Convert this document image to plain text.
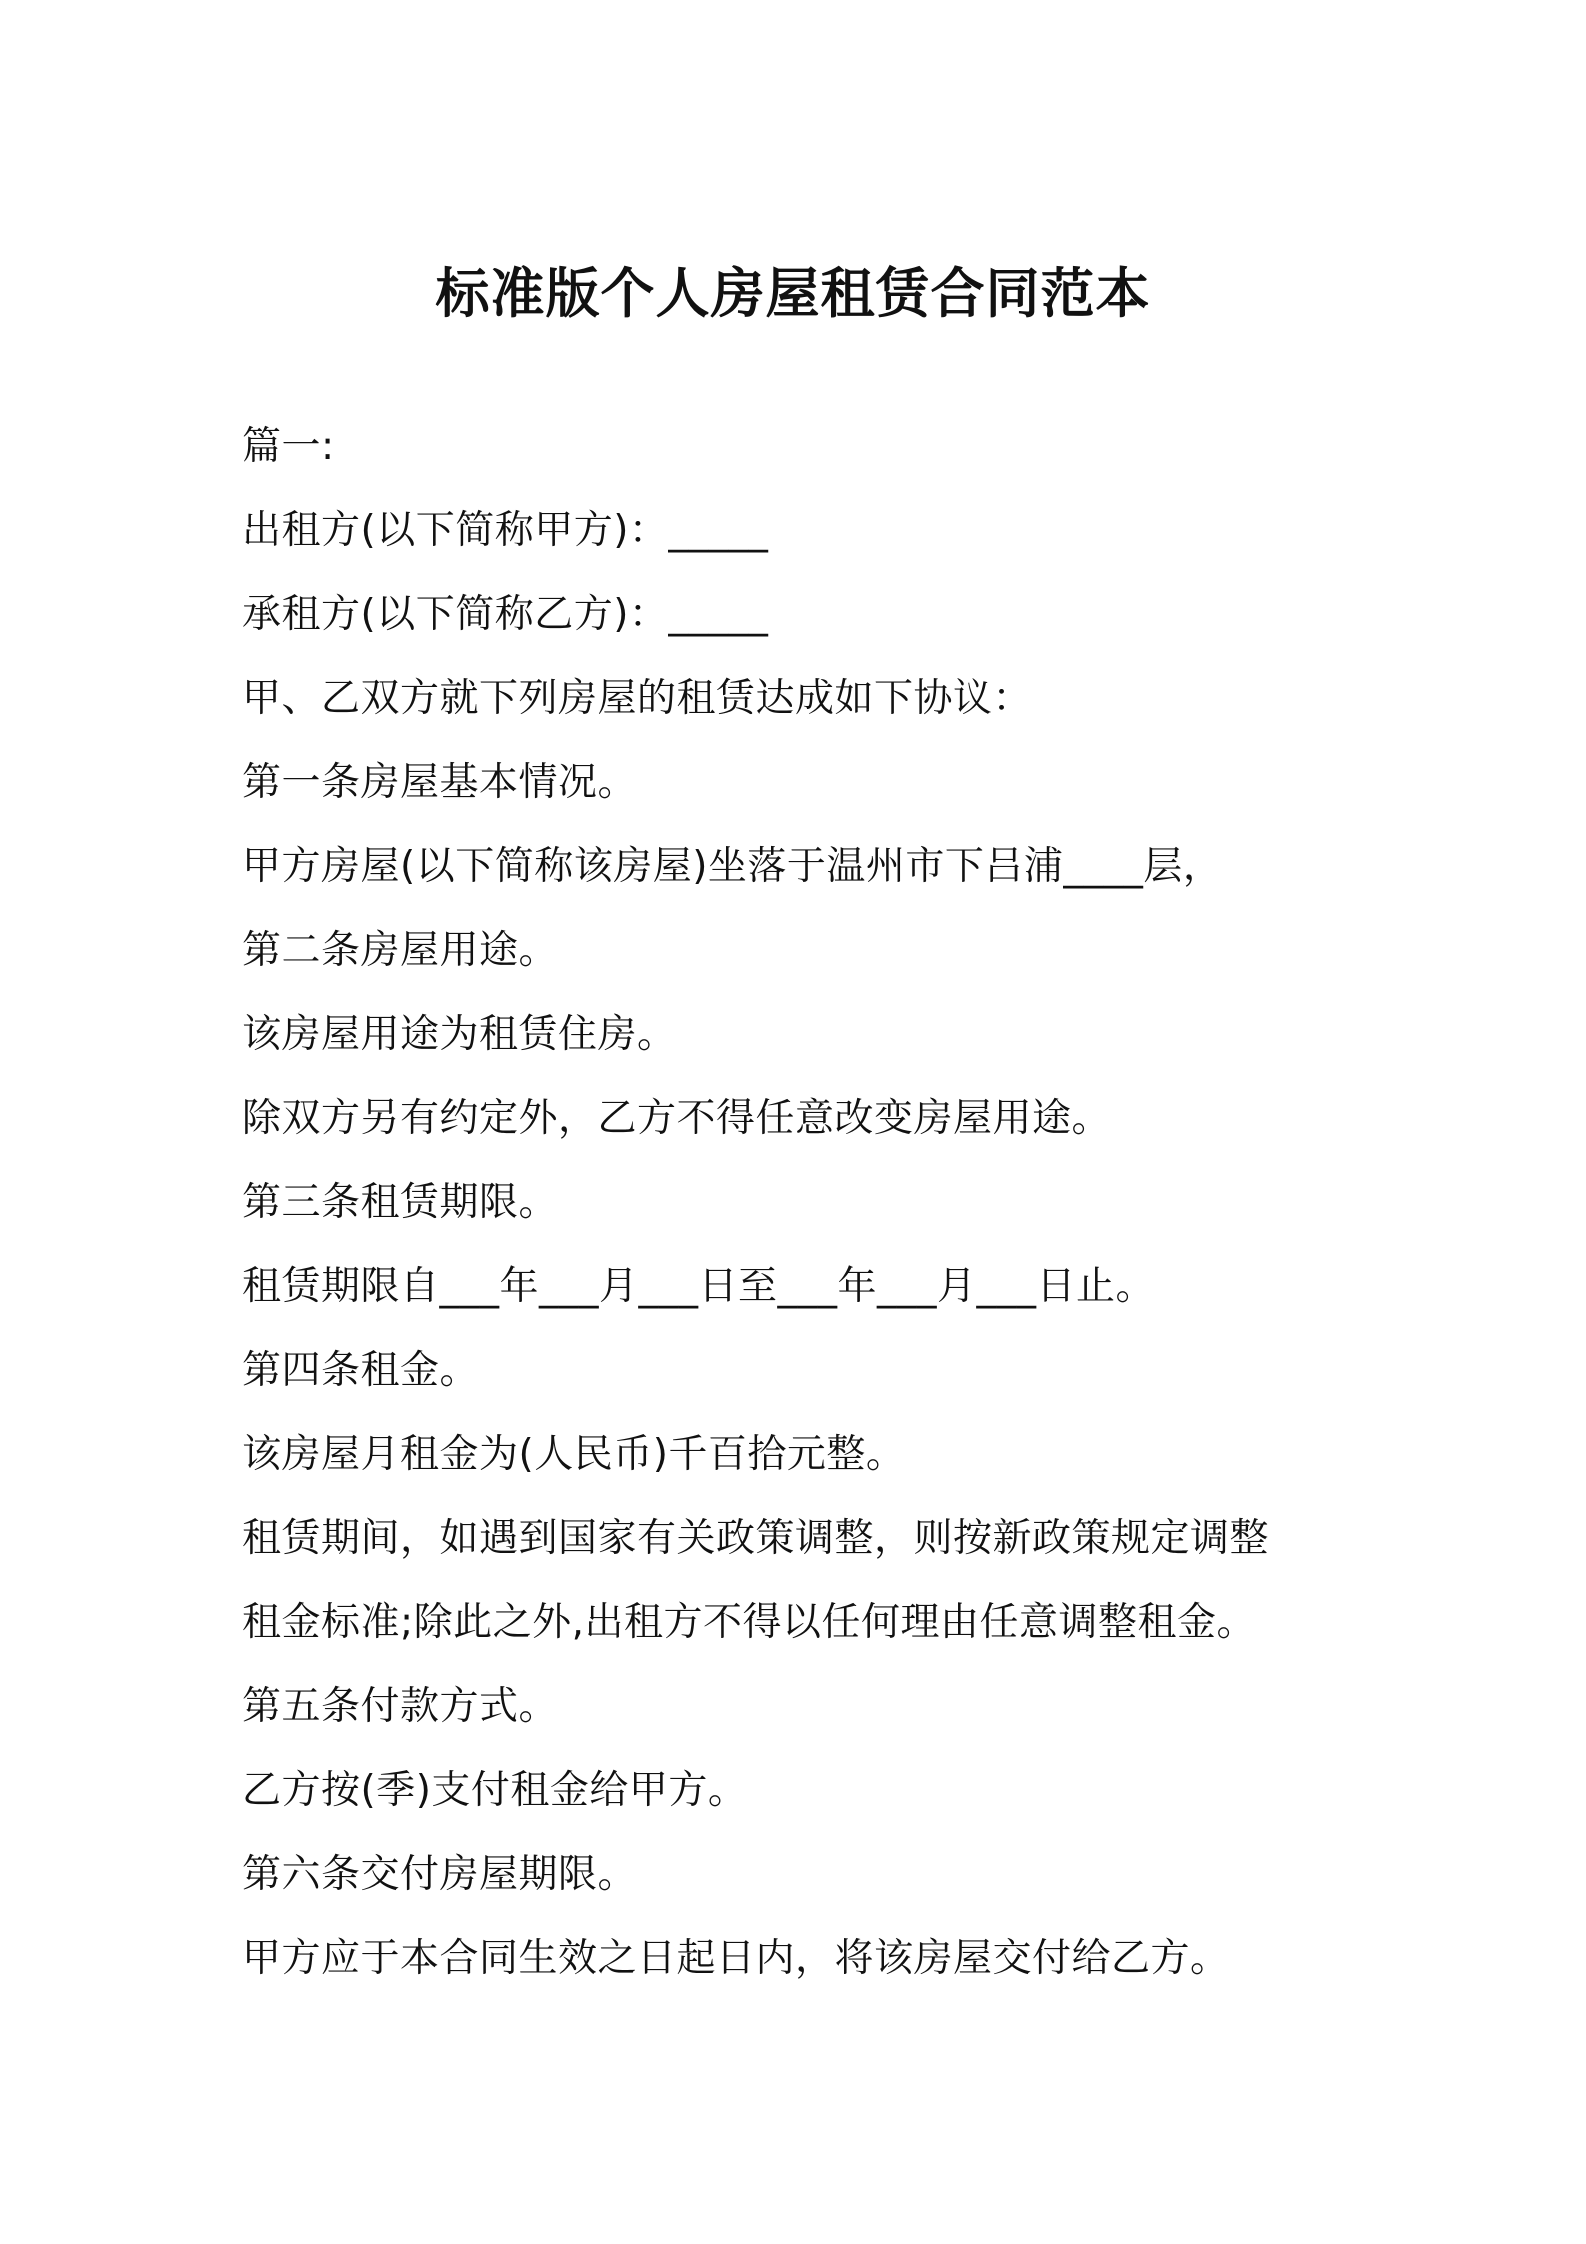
标准版个人房屋租赁合同范本
篇一:
出租方(以下简称甲方)：_____
承租方(以下简称乙方)：_____
甲、乙双方就下列房屋的租赁达成如下协议：
第一条房屋基本情况。
甲方房屋(以下简称该房屋)坐落于温州市下吕浦____层，
第二条房屋用途。
该房屋用途为租赁住房。
除双方另有约定外，乙方不得任意改变房屋用途。
第三条租赁期限。
租赁期限自___年___月___日至___年___月___日止。
第四条租金。
该房屋月租金为(人民币)千百拾元整。
租赁期间，如遇到国家有关政策调整，则按新政策规定调整
租金标准;除此之外,出租方不得以任何理由任意调整租金。
第五条付款方式。
乙方按(季)支付租金给甲方。
第六条交付房屋期限。
甲方应于本合同生效之日起日内，将该房屋交付给乙方。
